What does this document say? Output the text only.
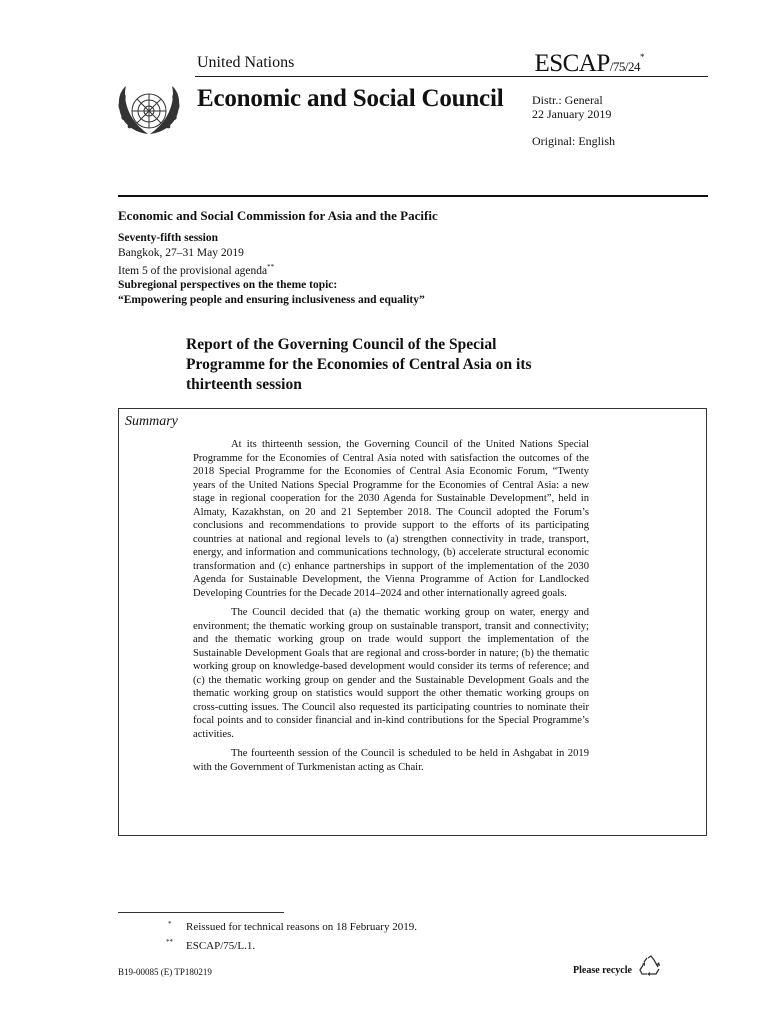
United Nations	ESCAP/75/24*
Economic and Social Council Distr.: General
22 January 2019
Original: English
Economic and Social Commission for Asia and the Pacific
Seventy-fifth session
Bangkok, 27–31 May 2019
Item 5 of the provisional agenda**
Subregional perspectives on the theme topic:
“Empowering people and ensuring inclusiveness and equality”
Report of the Governing Council of the Special Programme for the Economies of Central Asia on its thirteenth session
Summary

At its thirteenth session, the Governing Council of the United Nations Special Programme for the Economies of Central Asia noted with satisfaction the outcomes of the 2018 Special Programme for the Economies of Central Asia Economic Forum, “Twenty years of the United Nations Special Programme for the Economies of Central Asia: a new stage in regional cooperation for the 2030 Agenda for Sustainable Development”, held in Almaty, Kazakhstan, on 20 and 21 September 2018. The Council adopted the Forum’s conclusions and recommendations to provide support to the efforts of its participating countries at national and regional levels to (a) strengthen connectivity in trade, transport, energy, and information and communications technology, (b) accelerate structural economic transformation and (c) enhance partnerships in support of the implementation of the 2030 Agenda for Sustainable Development, the Vienna Programme of Action for Landlocked Developing Countries for the Decade 2014–2024 and other internationally agreed goals.

The Council decided that (a) the thematic working group on water, energy and environment; the thematic working group on sustainable transport, transit and connectivity; and the thematic working group on trade would support the implementation of the Sustainable Development Goals that are regional and cross-border in nature; (b) the thematic working group on knowledge-based development would consider its terms of reference; and (c) the thematic working group on gender and the Sustainable Development Goals and the thematic working group on statistics would support the other thematic working groups on cross-cutting issues. The Council also requested its participating countries to nominate their focal points and to consider financial and in-kind contributions for the Special Programme’s activities.

The fourteenth session of the Council is scheduled to be held in Ashgabat in 2019 with the Government of Turkmenistan acting as Chair.

* Reissued for technical reasons on 18 February 2019.
** ESCAP/75/L.1.
B19-00085 (E) TP180219	Please recycle
